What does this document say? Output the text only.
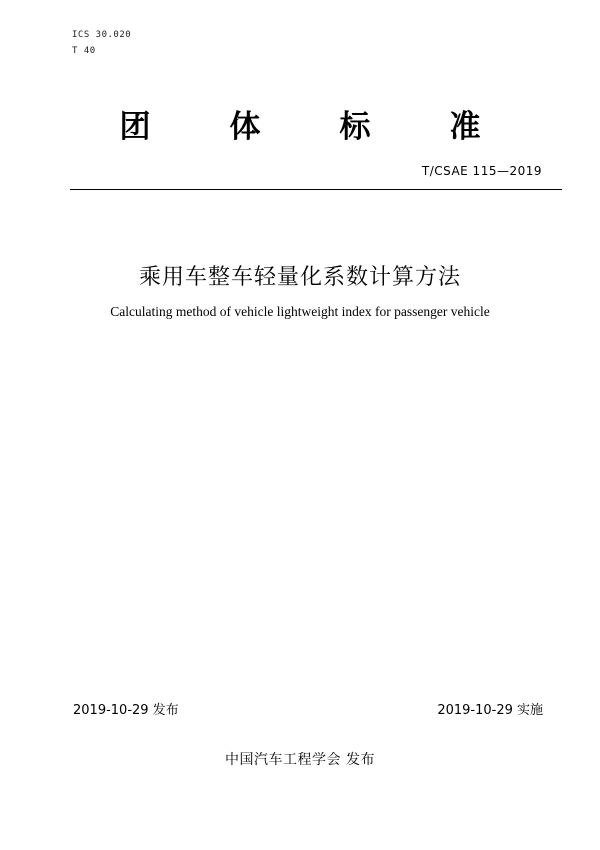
ICS 30.020
T 40
团	体	标	准
T/CSAE 115—2019
乘用车整车轻量化系数计算方法
Calculating method of vehicle lightweight index for passenger vehicle
2019-10-29 发布	2019-10-29 实施
中国汽车工程学会 发布
